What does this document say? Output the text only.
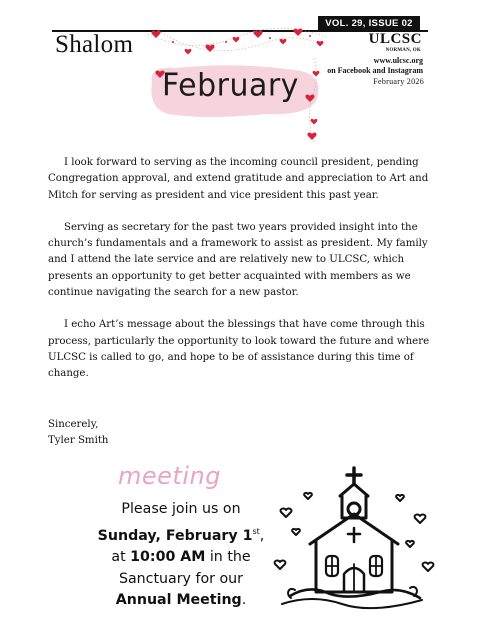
Shalom
VOL. 29, ISSUE 02
February
ULCSC
NORMAN, OK
www.ulcsc.org
on Facebook and Instagram
February 2026

I look forward to serving as the incoming council president, pending Congregation approval, and extend gratitude and appreciation to Art and Mitch for serving as president and vice president this past year.

Serving as secretary for the past two years provided insight into the church’s fundamentals and a framework to assist as president. My family and I attend the late service and are relatively new to ULCSC, which presents an opportunity to get better acquainted with members as we continue navigating the search for a new pastor.

I echo Art’s message about the blessings that have come through this process, particularly the opportunity to look toward the future and where ULCSC is called to go, and hope to be of assistance during this time of change.

Sincerely,
Tyler Smith
meeting
Please join us on
Sunday, February 1st,
at 10:00 AM in the
Sanctuary for our
Annual Meeting.
